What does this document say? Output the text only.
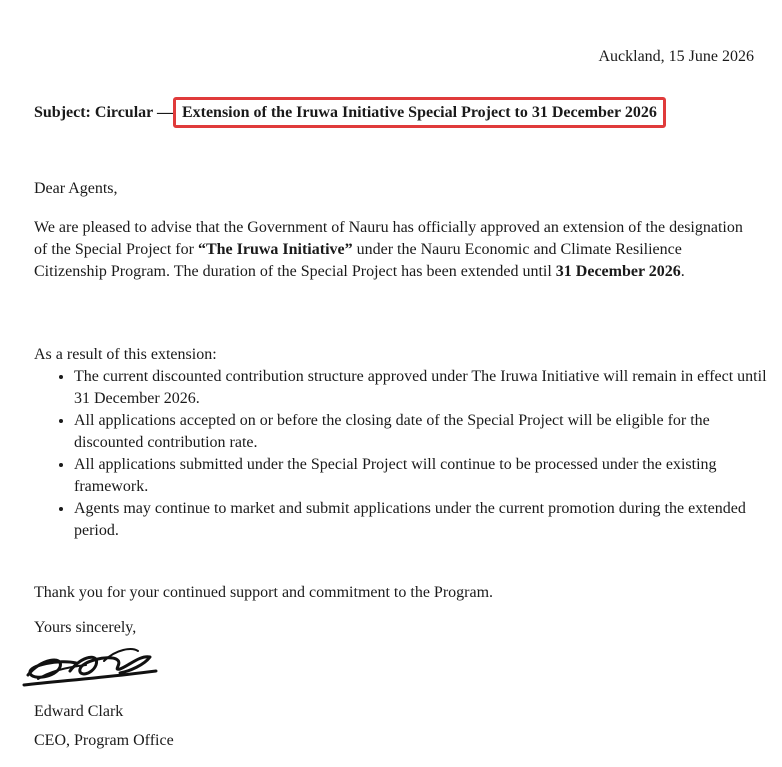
Auckland, 15 June 2026
Subject: Circular — Extension of the Iruwa Initiative Special Project to 31 December 2026
Dear Agents,
We are pleased to advise that the Government of Nauru has officially approved an extension of the designation of the Special Project for “The Iruwa Initiative” under the Nauru Economic and Climate Resilience Citizenship Program. The duration of the Special Project has been extended until 31 December 2026.
As a result of this extension:
• The current discounted contribution structure approved under The Iruwa Initiative will remain in effect until 31 December 2026.
• All applications accepted on or before the closing date of the Special Project will be eligible for the discounted contribution rate.
• All applications submitted under the Special Project will continue to be processed under the existing framework.
• Agents may continue to market and submit applications under the current promotion during the extended period.
Thank you for your continued support and commitment to the Program.
Yours sincerely,
Edward Clark
CEO, Program Office
